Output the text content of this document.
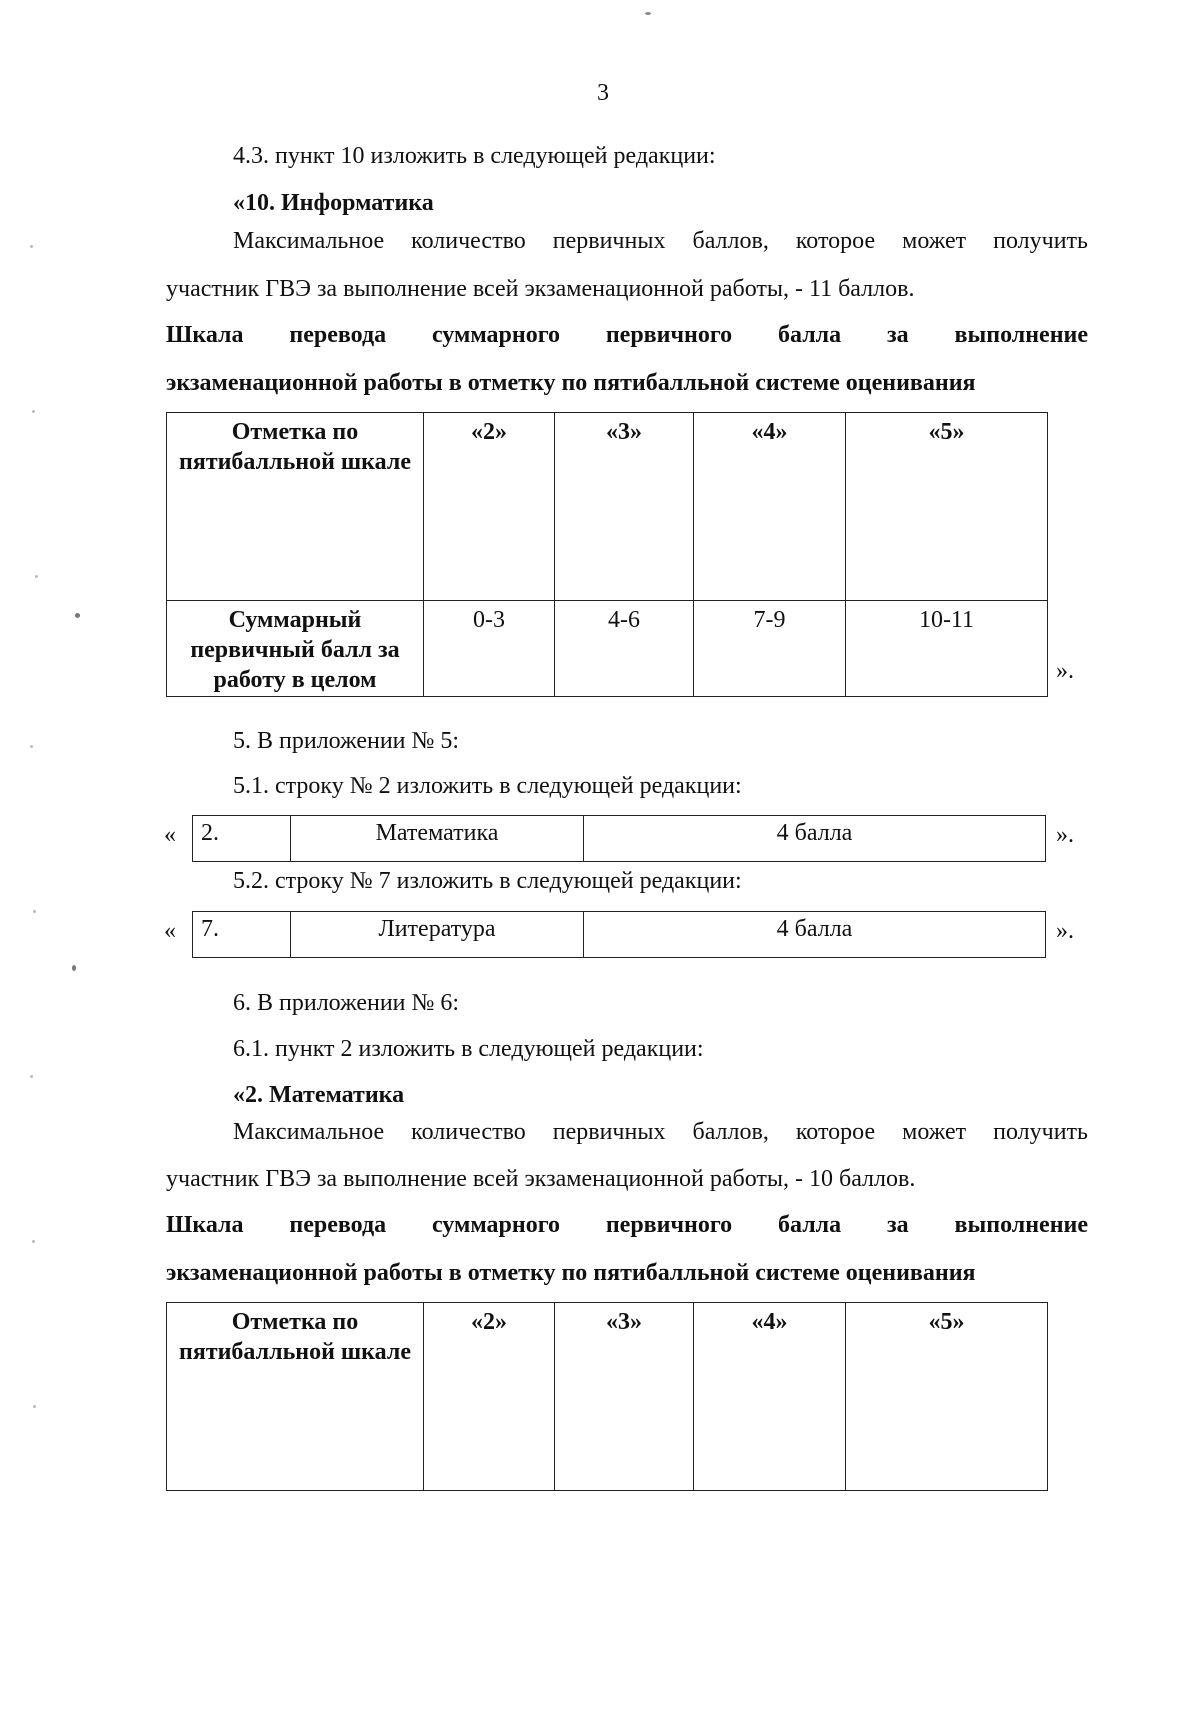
3
4.3. пункт 10 изложить в следующей редакции:
«10. Информатика
Максимальное количество первичных баллов, которое может получить
участник ГВЭ за выполнение всей экзаменационной работы, - 11 баллов.
Шкала перевода суммарного первичного балла за выполнение
экзаменационной работы в отметку по пятибалльной системе оценивания
Отметка по пятибалльной шкале	«2»	«3»	«4»	«5»
Суммарный первичный балл за работу в целом	0-3	4-6	7-9	10-11
».
5. В приложении № 5:
5.1. строку № 2 изложить в следующей редакции:
« 2.	Математика	4 балла	».
5.2. строку № 7 изложить в следующей редакции:
« 7.	Литература	4 балла	».
6. В приложении № 6:
6.1. пункт 2 изложить в следующей редакции:
«2. Математика
Максимальное количество первичных баллов, которое может получить
участник ГВЭ за выполнение всей экзаменационной работы, - 10 баллов.
Шкала перевода суммарного первичного балла за выполнение
экзаменационной работы в отметку по пятибалльной системе оценивания
Отметка по пятибалльной шкале	«2»	«3»	«4»	«5»
